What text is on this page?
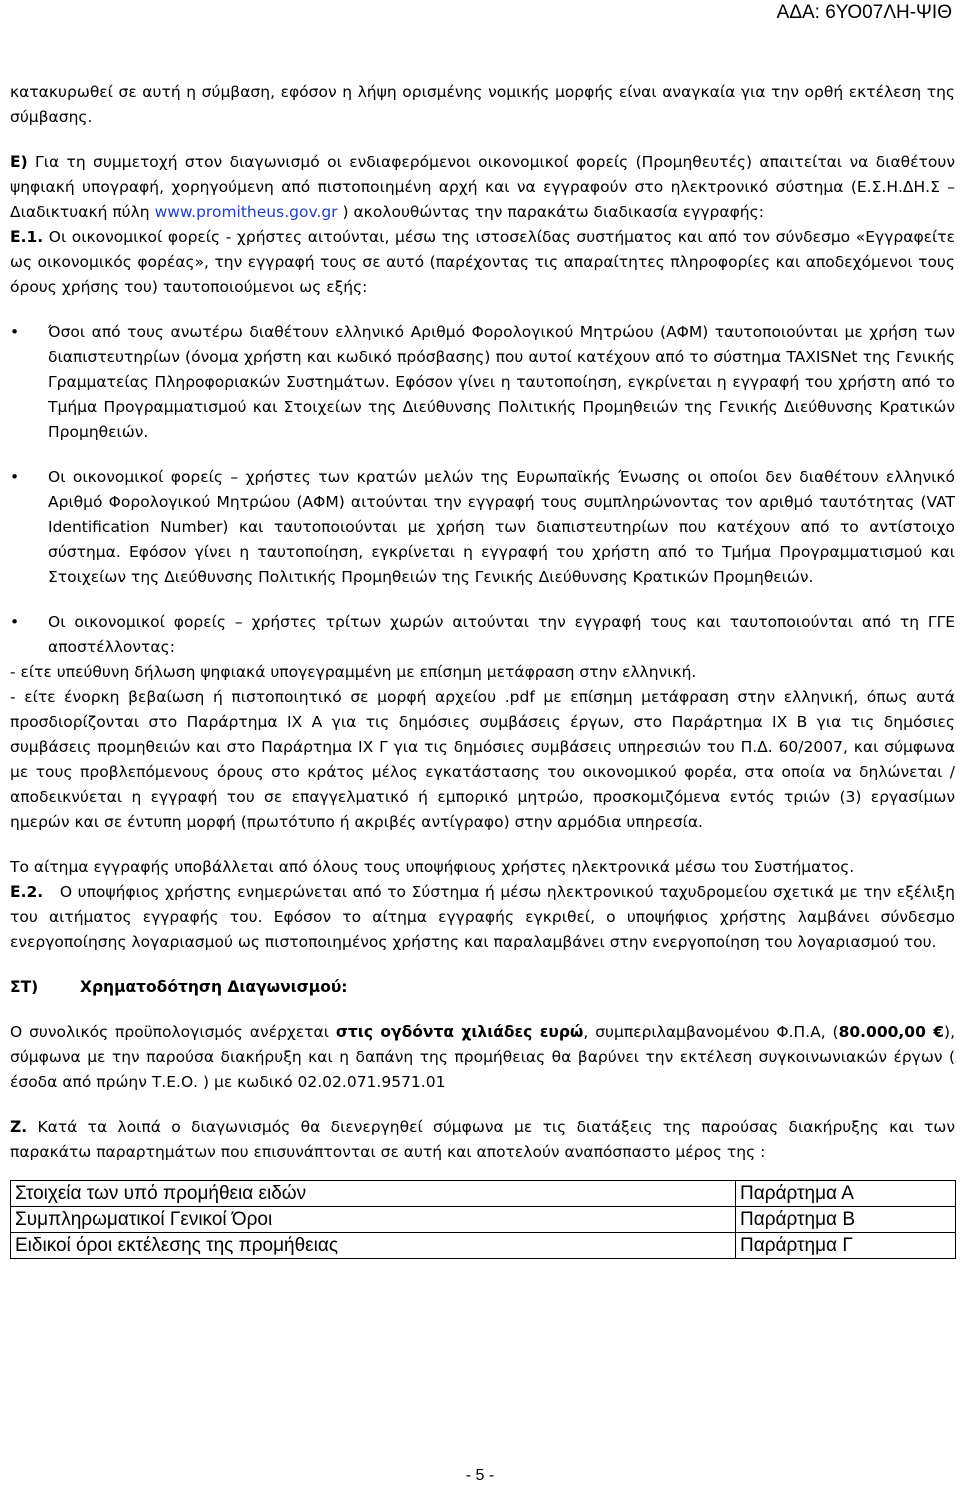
ΑΔΑ: 6ΥΟ07ΛΗ-ΨΙΘ

κατακυρωθεί σε αυτή η σύμβαση, εφόσον η λήψη ορισμένης νομικής μορφής είναι αναγκαία για την ορθή εκτέλεση της σύμβασης.

Ε) Για τη συμμετοχή στον διαγωνισμό οι ενδιαφερόμενοι οικονομικοί φορείς (Προμηθευτές) απαιτείται να διαθέτουν ψηφιακή υπογραφή, χορηγούμενη από πιστοποιημένη αρχή και να εγγραφούν στο ηλεκτρονικό σύστημα (Ε.Σ.Η.ΔΗ.Σ – Διαδικτυακή πύλη www.promitheus.gov.gr ) ακολουθώντας την παρακάτω διαδικασία εγγραφής:

Ε.1. Οι οικονομικοί φορείς - χρήστες αιτούνται, μέσω της ιστοσελίδας συστήματος και από τον σύνδεσμο «Εγγραφείτε ως οικονομικός φορέας», την εγγραφή τους σε αυτό (παρέχοντας τις απαραίτητες πληροφορίες και αποδεχόμενοι τους όρους χρήσης του) ταυτοποιούμενοι ως εξής:

• Όσοι από τους ανωτέρω διαθέτουν ελληνικό Αριθμό Φορολογικού Μητρώου (ΑΦΜ) ταυτοποιούνται με χρήση των διαπιστευτηρίων (όνομα χρήστη και κωδικό πρόσβασης) που αυτοί κατέχουν από το σύστημα TAXISNet της Γενικής Γραμματείας Πληροφοριακών Συστημάτων. Εφόσον γίνει η ταυτοποίηση, εγκρίνεται η εγγραφή του χρήστη από το Τμήμα Προγραμματισμού και Στοιχείων της Διεύθυνσης Πολιτικής Προμηθειών της Γενικής Διεύθυνσης Κρατικών Προμηθειών.
• Οι οικονομικοί φορείς – χρήστες των κρατών μελών της Ευρωπαϊκής Ένωσης οι οποίοι δεν διαθέτουν ελληνικό Αριθμό Φορολογικού Μητρώου (ΑΦΜ) αιτούνται την εγγραφή τους συμπληρώνοντας τον αριθμό ταυτότητας (VAT Identification Number) και ταυτοποιούνται με χρήση των διαπιστευτηρίων που κατέχουν από το αντίστοιχο σύστημα. Εφόσον γίνει η ταυτοποίηση, εγκρίνεται η εγγραφή του χρήστη από το Τμήμα Προγραμματισμού και Στοιχείων της Διεύθυνσης Πολιτικής Προμηθειών της Γενικής Διεύθυνσης Κρατικών Προμηθειών.
• Οι οικονομικοί φορείς – χρήστες τρίτων χωρών αιτούνται την εγγραφή τους και ταυτοποιούνται από τη ΓΓΕ αποστέλλοντας:
- είτε υπεύθυνη δήλωση ψηφιακά υπογεγραμμένη με επίσημη μετάφραση στην ελληνική.
- είτε ένορκη βεβαίωση ή πιστοποιητικό σε μορφή αρχείου .pdf με επίσημη μετάφραση στην ελληνική, όπως αυτά προσδιορίζονται στο Παράρτημα IX A για τις δημόσιες συμβάσεις έργων, στο Παράρτημα IX B για τις δημόσιες συμβάσεις προμηθειών και στο Παράρτημα IX Γ για τις δημόσιες συμβάσεις υπηρεσιών του Π.Δ. 60/2007, και σύμφωνα με τους προβλεπόμενους όρους στο κράτος μέλος εγκατάστασης του οικονομικού φορέα, στα οποία να δηλώνεται / αποδεικνύεται η εγγραφή του σε επαγγελματικό ή εμπορικό μητρώο, προσκομιζόμενα εντός τριών (3) εργασίμων ημερών και σε έντυπη μορφή (πρωτότυπο ή ακριβές αντίγραφο) στην αρμόδια υπηρεσία.

Το αίτημα εγγραφής υποβάλλεται από όλους τους υποψήφιους χρήστες ηλεκτρονικά μέσω του Συστήματος.

Ε.2. Ο υποψήφιος χρήστης ενημερώνεται από το Σύστημα ή μέσω ηλεκτρονικού ταχυδρομείου σχετικά με την εξέλιξη του αιτήματος εγγραφής του. Εφόσον το αίτημα εγγραφής εγκριθεί, ο υποψήφιος χρήστης λαμβάνει σύνδεσμο ενεργοποίησης λογαριασμού ως πιστοποιημένος χρήστης και παραλαμβάνει στην ενεργοποίηση του λογαριασμού του.

ΣΤ)	Χρηματοδότηση Διαγωνισμού:

Ο συνολικός προϋπολογισμός ανέρχεται στις ογδόντα χιλιάδες ευρώ, συμπεριλαμβανομένου Φ.Π.Α, (80.000,00 €), σύμφωνα με την παρούσα διακήρυξη και η δαπάνη της προμήθειας θα βαρύνει την εκτέλεση συγκοινωνιακών έργων ( έσοδα από πρώην Τ.Ε.Ο. ) με κωδικό 02.02.071.9571.01

Ζ. Κατά τα λοιπά ο διαγωνισμός θα διενεργηθεί σύμφωνα με τις διατάξεις της παρούσας διακήρυξης και των παρακάτω παραρτημάτων που επισυνάπτονται σε αυτή και αποτελούν αναπόσπαστο μέρος της :

Στοιχεία των υπό προμήθεια ειδών	Παράρτημα Α
Συμπληρωματικοί Γενικοί Όροι	Παράρτημα Β
Ειδικοί όροι εκτέλεσης της προμήθειας	Παράρτημα Γ
- 5 -
